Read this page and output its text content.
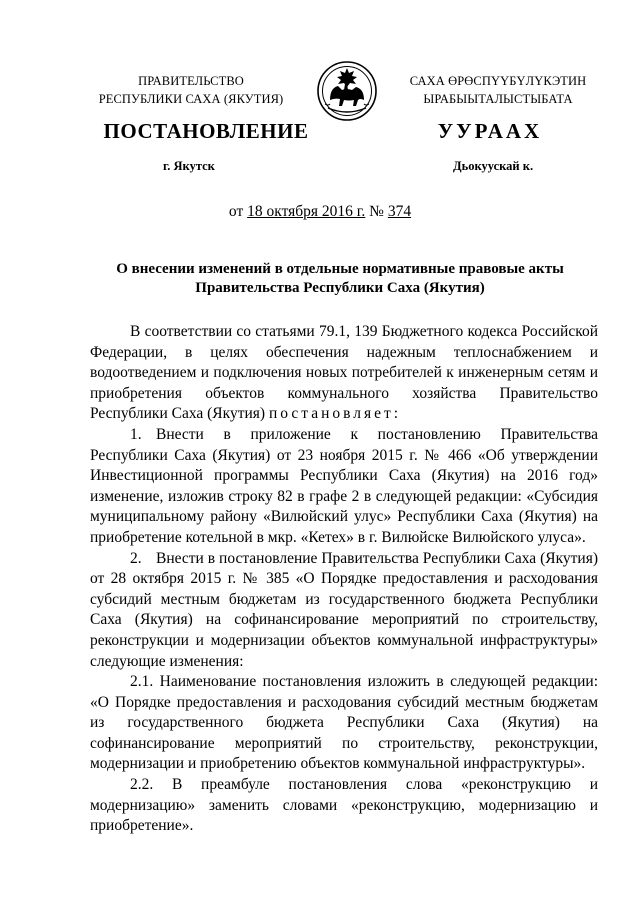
ПРАВИТЕЛЬСТВО
РЕСПУБЛИКИ САХА (ЯКУТИЯ)
САХА ӨРӨСПҮҮБҮЛҮКЭТИН
ЫРАБЫЫТАЛЫСТЫБАТА
ПОСТАНОВЛЕНИЕ	УУРААХ
г. Якутск	Дьокуускай к.
от 18 октября 2016 г. № 374
О внесении изменений в отдельные нормативные правовые акты
Правительства Республики Саха (Якутия)

В соответствии со статьями 79.1, 139 Бюджетного кодекса Российской Федерации, в целях обеспечения надежным теплоснабжением и водоотведением и подключения новых потребителей к инженерным сетям и приобретения объектов коммунального хозяйства Правительство Республики Саха (Якутия) постановляет:

1. Внести в приложение к постановлению Правительства Республики Саха (Якутия) от 23 ноября 2015 г. № 466 «Об утверждении Инвестиционной программы Республики Саха (Якутия) на 2016 год» изменение, изложив строку 82 в графе 2 в следующей редакции: «Субсидия муниципальному району «Вилюйский улус» Республики Саха (Якутия) на приобретение котельной в мкр. «Кетех» в г. Вилюйске Вилюйского улуса».

2. Внести в постановление Правительства Республики Саха (Якутия) от 28 октября 2015 г. № 385 «О Порядке предоставления и расходования субсидий местным бюджетам из государственного бюджета Республики Саха (Якутия) на софинансирование мероприятий по строительству, реконструкции и модернизации объектов коммунальной инфраструктуры» следующие изменения:

2.1. Наименование постановления изложить в следующей редакции: «О Порядке предоставления и расходования субсидий местным бюджетам из государственного бюджета Республики Саха (Якутия) на софинансирование мероприятий по строительству, реконструкции, модернизации и приобретению объектов коммунальной инфраструктуры».

2.2. В преамбуле постановления слова «реконструкцию и модернизацию» заменить словами «реконструкцию, модернизацию и приобретение».
